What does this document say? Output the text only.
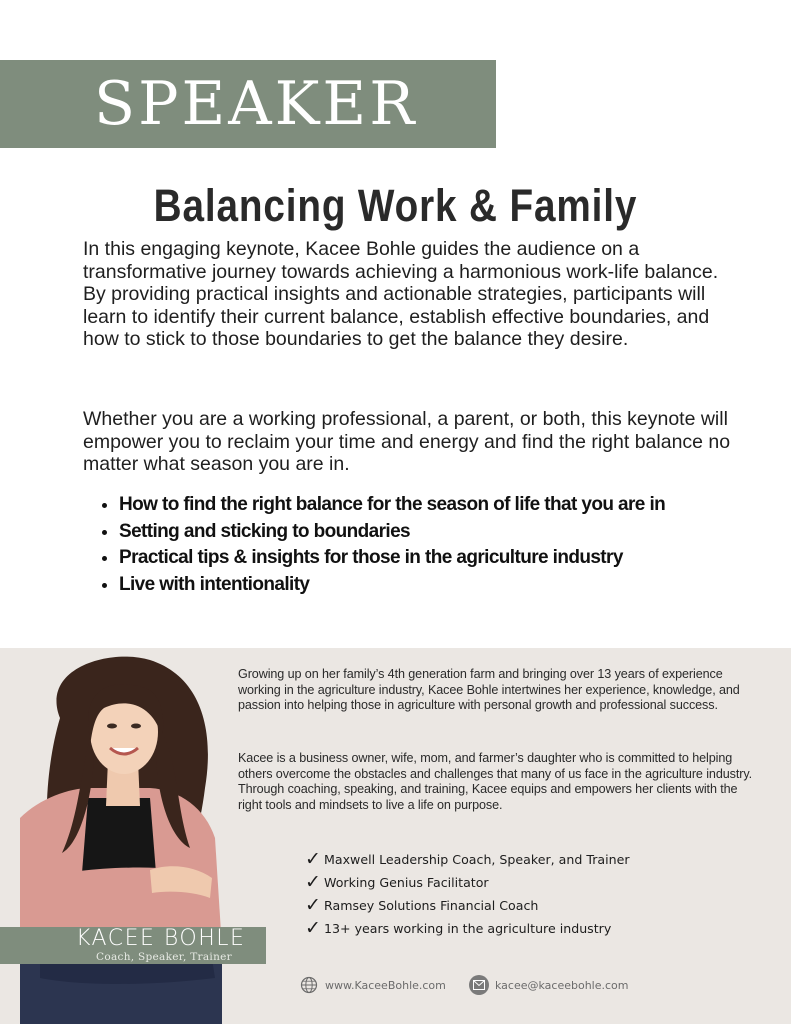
SPEAKER
Balancing Work & Family

In this engaging keynote, Kacee Bohle guides the audience on a transformative journey towards achieving a harmonious work-life balance. By providing practical insights and actionable strategies, participants will learn to identify their current balance, establish effective boundaries, and how to stick to those boundaries to get the balance they desire.

Whether you are a working professional, a parent, or both, this keynote will empower you to reclaim your time and energy and find the right balance no matter what season you are in.

• How to find the right balance for the season of life that you are in
• Setting and sticking to boundaries
• Practical tips & insights for those in the agriculture industry
• Live with intentionality
KACEE BOHLE
Coach, Speaker, Trainer

Growing up on her family’s 4th generation farm and bringing over 13 years of experience working in the agriculture industry, Kacee Bohle intertwines her experience, knowledge, and passion into helping those in agriculture with personal growth and professional success.

Kacee is a business owner, wife, mom, and farmer’s daughter who is committed to helping others overcome the obstacles and challenges that many of us face in the agriculture industry. Through coaching, speaking, and training, Kacee equips and empowers her clients with the right tools and mindsets to live a life on purpose.

✓ Maxwell Leadership Coach, Speaker, and Trainer
✓ Working Genius Facilitator
✓ Ramsey Solutions Financial Coach
✓ 13+ years working in the agriculture industry
www.KaceeBohle.com	kacee@kaceebohle.com
